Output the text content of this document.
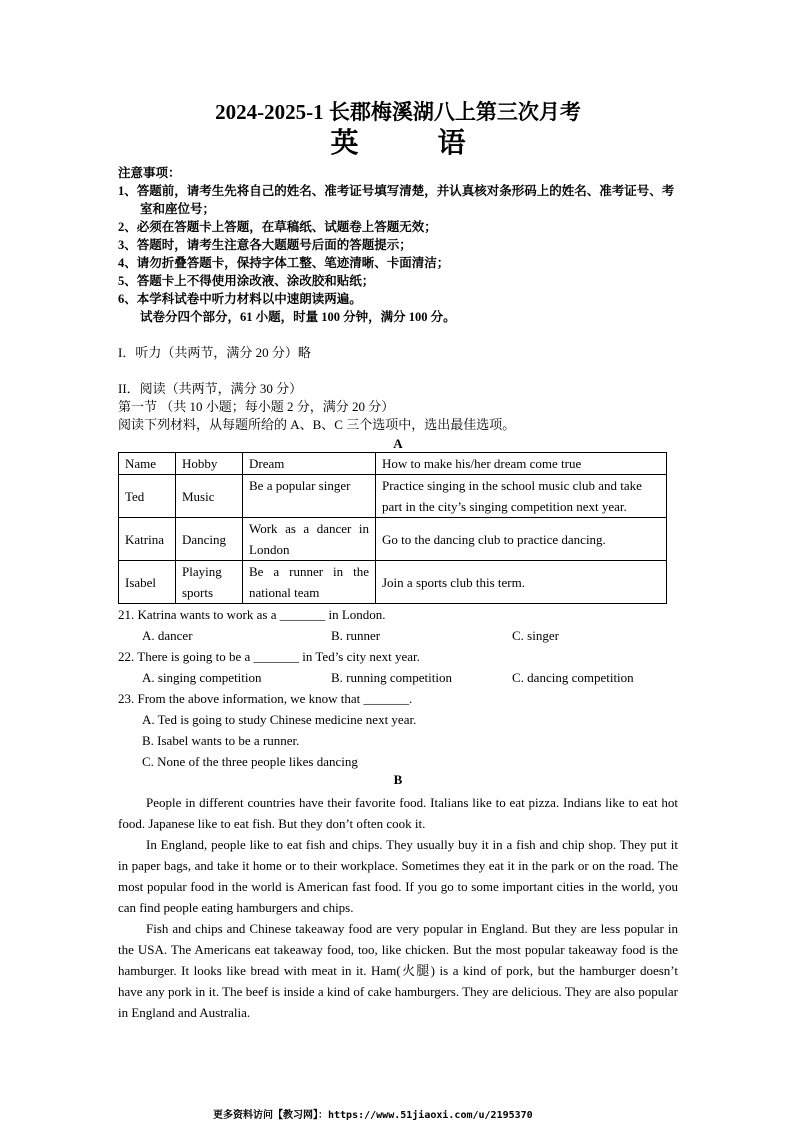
2024-2025-1 长郡梅溪湖八上第三次月考

英 语

注意事项：

1、答题前，请考生先将自己的姓名、准考证号填写清楚，并认真核对条形码上的姓名、准考证号、考室和座位号；

2、必须在答题卡上答题，在草稿纸、试题卷上答题无效；

3、答题时，请考生注意各大题题号后面的答题提示；

4、请勿折叠答题卡，保持字体工整、笔迹清晰、卡面清洁；

5、答题卡上不得使用涂改液、涂改胶和贴纸；

6、本学科试卷中听力材料以中速朗读两遍。

试卷分四个部分，61 小题，时量 100 分钟，满分 100 分。

I．听力（共两节，满分 20 分）略

II．阅读（共两节，满分 30 分）

第一节 （共 10 小题；每小题 2 分，满分 20 分）

阅读下列材料，从每题所给的 A、B、C 三个选项中，选出最佳选项。

A

Name	Hobby	Dream	How to make his/her dream come true
Ted	Music	Be a popular singer	Practice singing in the school music club and take part in the city’s singing competition next year.
Katrina	Dancing	Work as a dancer in London	Go to the dancing club to practice dancing.
Isabel	Playing sports	Be a runner in the national team	Join a sports club this term.

21. Katrina wants to work as a _______ in London.

A. dancer	B. runner	C. singer

22. There is going to be a _______ in Ted’s city next year.

A. singing competition	B. running competition	C. dancing competition

23. From the above information, we know that _______.

A. Ted is going to study Chinese medicine next year.

B. Isabel wants to be a runner.

C. None of the three people likes dancing

B

People in different countries have their favorite food. Italians like to eat pizza. Indians like to eat hot food. Japanese like to eat fish. But they don’t often cook it.

In England, people like to eat fish and chips. They usually buy it in a fish and chip shop. They put it in paper bags, and take it home or to their workplace. Sometimes they eat it in the park or on the road. The most popular food in the world is American fast food. If you go to some important cities in the world, you can find people eating hamburgers and chips.

Fish and chips and Chinese takeaway food are very popular in England. But they are less popular in the USA. The Americans eat takeaway food, too, like chicken. But the most popular takeaway food is the hamburger. It looks like bread with meat in it. Ham(火腿) is a kind of pork, but the hamburger doesn’t have any pork in it. The beef is inside a kind of cake hamburgers. They are delicious. They are also popular in England and Australia.

更多资料访问【教习网】：https://www.51jiaoxi.com/u/2195370
